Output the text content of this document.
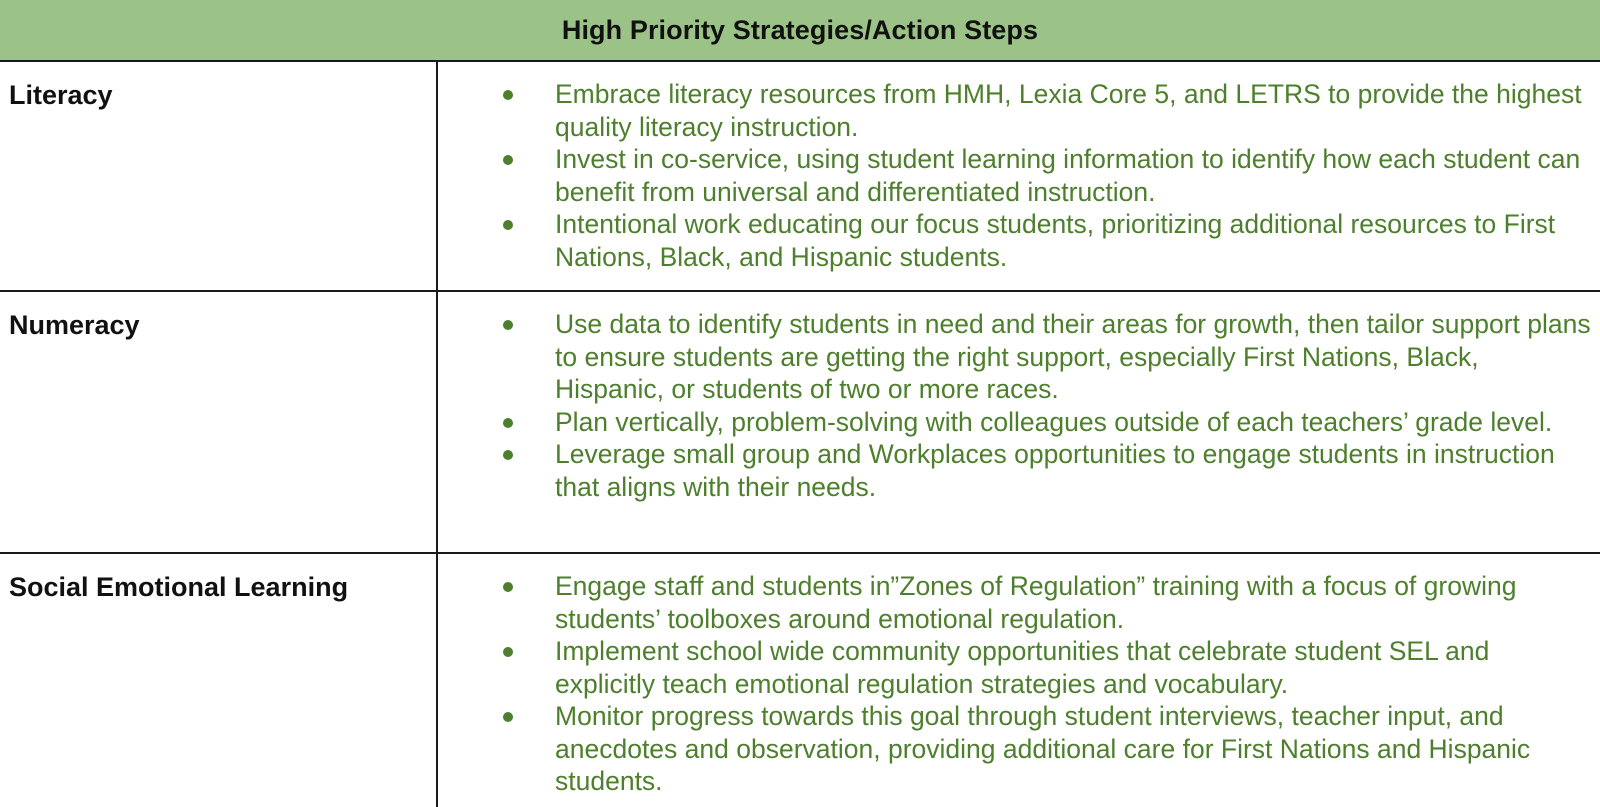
High Priority Strategies/Action Steps
Literacy	Embrace literacy resources from HMH, Lexia Core 5, and LETRS to provide the highest quality literacy instruction.
Invest in co-service, using student learning information to identify how each student can benefit from universal and differentiated instruction.
Intentional work educating our focus students, prioritizing additional resources to First Nations, Black, and Hispanic students.
Numeracy	Use data to identify students in need and their areas for growth, then tailor support plans to ensure students are getting the right support, especially First Nations, Black, Hispanic, or students of two or more races.
Plan vertically, problem-solving with colleagues outside of each teachers’ grade level.
Leverage small group and Workplaces opportunities to engage students in instruction that aligns with their needs.
Social Emotional Learning	Engage staff and students in”Zones of Regulation” training with a focus of growing students’ toolboxes around emotional regulation.
Implement school wide community opportunities that celebrate student SEL and explicitly teach emotional regulation strategies and vocabulary.
Monitor progress towards this goal through student interviews, teacher input, and anecdotes and observation, providing additional care for First Nations and Hispanic students.
